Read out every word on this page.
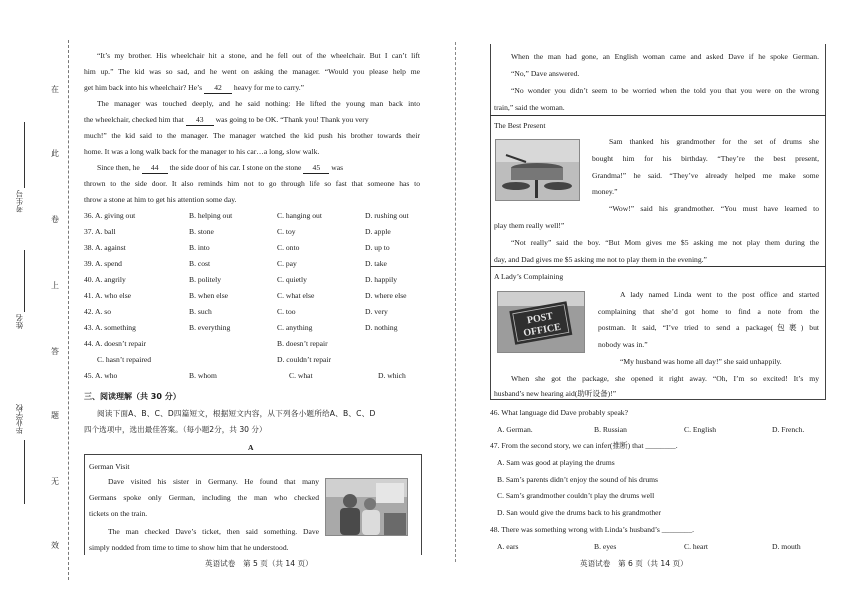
在
此
卷
上
答
题
无
效
考生号
姓名
毕业学校
“It’s my brother. His wheelchair hit a stone, and he fell out of the wheelchair. But I can’t lift
him up.” The kid was so sad, and he went on asking the manager. “Would you please help me
get him back into his wheelchair? He’s 42 heavy for me to carry.”
The manager was touched deeply, and he said nothing: He lifted the young man back into
the wheelchair, checked him that 43 was going to be OK. “Thank you! Thank you very
much!” the kid said to the manager. The manager watched the kid push his brother towards their
home. It was a long walk back for the manager to his car…a long, slow walk.
Since then, he 44 the side door of his car. I stone on the stone 45 was
thrown to the side door. It also reminds him not to go through life so fast that someone has to
throw a stone at him to get his attention some day.
36. A. giving out	B. helping out	C. hanging out	D. rushing out
37. A. ball	B. stone	C. toy	D. apple
38. A. against	B. into	C. onto	D. up to
39. A. spend	B. cost	C. pay	D. take
40. A. angrily	B. politely	C. quietly	D. happily
41. A. who else	B. when else	C. what else	D. where else
42. A. so	B. such	C. too	D. very
43. A. something	B. everything	C. anything	D. nothing
44. A. doesn’t repair	B. doesn’t repair
C. hasn’t repaired	D. couldn’t repair
45. A. who	B. whom	C. what	D. which
三、阅读理解（共 30 分）
阅读下面A、B、C、D四篇短文，根据短文内容，从下列各小题所给A、B、C、D
四个选项中，选出最佳答案。（每小题2分，共 30 分）
A
German Visit
Dave visited his sister in Germany. He found that many
Germans spoke only German, including the man who checked
tickets on the train.
The man checked Dave’s ticket, then said something. Dave
simply nodded from time to time to show him that he understood.
英语试卷　第 5 页（共 14 页）
When the man had gone, an English woman came and asked Dave if he spoke German.
“No,” Dave answered.
“No wonder you didn’t seem to be worried when the told you that you were on the wrong
train,” said the woman.
The Best Present
Sam thanked his grandmother for the set of drums she
bought him for his birthday. “They’re the best present,
Grandma!” he said. “They’ve already helped me make some
money.”
“Wow!” said his grandmother. “You must have learned to
play them really well!”
“Not really” said the boy. “But Mom gives me $5 asking me not play them during the
day, and Dad gives me $5 asking me not to play them in the evening.”
A Lady’s Complaining
POST
OFFICE
A lady named Linda went to the post office and started
complaining that she’d got home to find a note from the
postman. It said, “I’ve tried to send a package(包裹) but
nobody was in.”
“My husband was home all day!” she said unhappily.
When she got the package, she opened it right away. “Oh, I’m so excited! It’s my
husband’s new hearing aid(助听设备)!”
46. What language did Dave probably speak?
A. German.	B. Russian	C. English	D. French.
47. From the second story, we can infer(推断) that ________.
A. Sam was good at playing the drums
B. Sam’s parents didn’t enjoy the sound of his drums
C. Sam’s grandmother couldn’t play the drums well
D. San would give the drums back to his grandmother
48. There was something wrong with Linda’s husband’s ________.
A. ears	B. eyes	C. heart	D. mouth
英语试卷　第 6 页（共 14 页）
